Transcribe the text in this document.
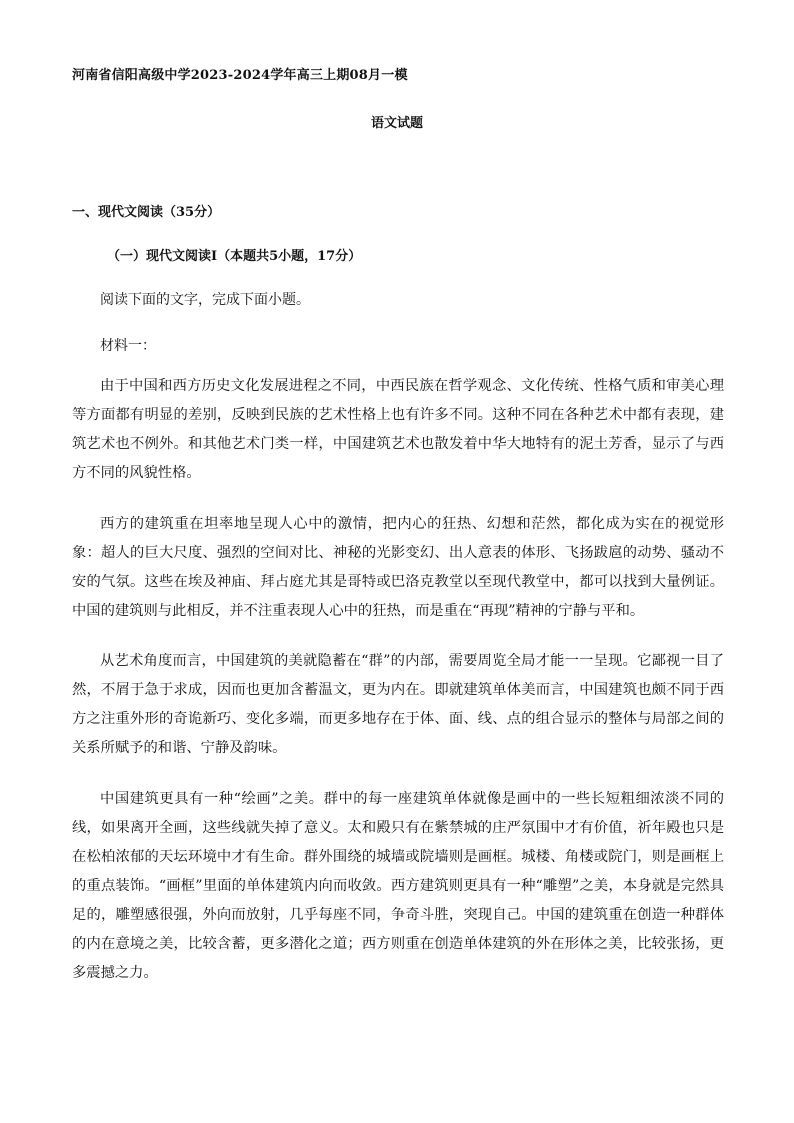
河南省信阳高级中学2023-2024学年高三上期08月一模
语文试题
一、现代文阅读（35分）
（一）现代文阅读Ⅰ（本题共5小题，17分）
阅读下面的文字，完成下面小题。
材料一：

由于中国和西方历史文化发展进程之不同，中西民族在哲学观念、文化传统、性格气质和审美心理等方面都有明显的差别，反映到民族的艺术性格上也有许多不同。这种不同在各种艺术中都有表现，建筑艺术也不例外。和其他艺术门类一样，中国建筑艺术也散发着中华大地特有的泥土芳香，显示了与西方不同的风貌性格。

西方的建筑重在坦率地呈现人心中的激情，把内心的狂热、幻想和茫然，都化成为实在的视觉形象：超人的巨大尺度、强烈的空间对比、神秘的光影变幻、出人意表的体形、飞扬跋扈的动势、骚动不安的气氛。这些在埃及神庙、拜占庭尤其是哥特或巴洛克教堂以至现代教堂中，都可以找到大量例证。中国的建筑则与此相反，并不注重表现人心中的狂热，而是重在“再现”精神的宁静与平和。

从艺术角度而言，中国建筑的美就隐蓄在“群”的内部，需要周览全局才能一一呈现。它鄙视一目了然，不屑于急于求成，因而也更加含蓄温文，更为内在。即就建筑单体美而言，中国建筑也颇不同于西方之注重外形的奇诡新巧、变化多端，而更多地存在于体、面、线、点的组合显示的整体与局部之间的关系所赋予的和谐、宁静及韵味。

中国建筑更具有一种“绘画”之美。群中的每一座建筑单体就像是画中的一些长短粗细浓淡不同的线，如果离开全画，这些线就失掉了意义。太和殿只有在紫禁城的庄严氛围中才有价值，祈年殿也只是在松柏浓郁的天坛环境中才有生命。群外围绕的城墙或院墙则是画框。城楼、角楼或院门，则是画框上的重点装饰。“画框”里面的单体建筑内向而收敛。西方建筑则更具有一种“雕塑”之美，本身就是完然具足的，雕塑感很强，外向而放射，几乎每座不同，争奇斗胜，突现自己。中国的建筑重在创造一种群体的内在意境之美，比较含蓄，更多潜化之道；西方则重在创造单体建筑的外在形体之美，比较张扬，更多震撼之力。
